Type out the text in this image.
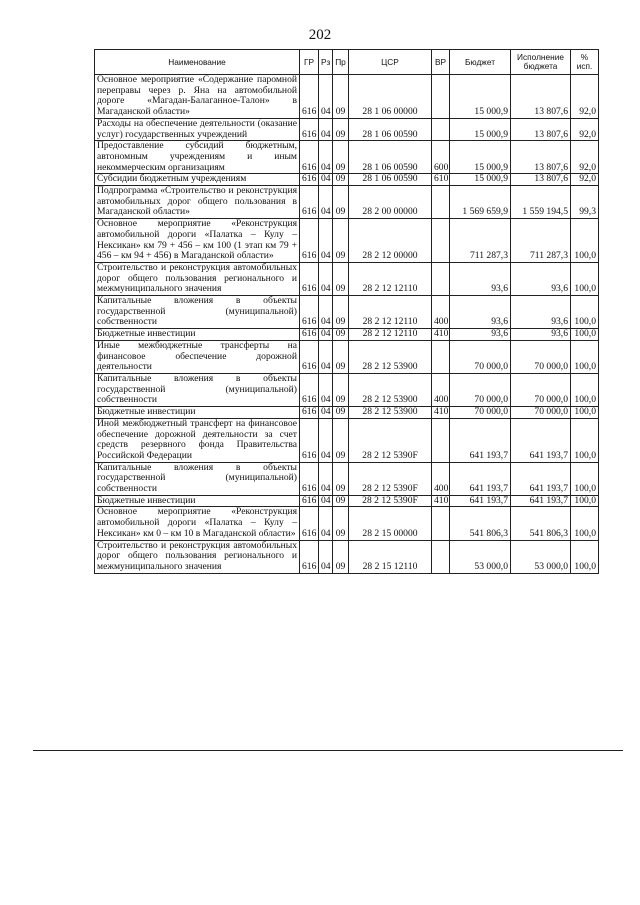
202
Наименование	ГР	Рз	Пр	ЦСР	ВР	Бюджет	Исполнение бюджета	% исп.
Основное мероприятие «Содержание паромной переправы через р. Яна на автомобильной дороге «Магадан-Балаганное-Талон» в Магаданской области»	616	04	09	28 1 06 00000		15 000,9	13 807,6	92,0
Расходы на обеспечение деятельности (оказание услуг) государственных учреждений	616	04	09	28 1 06 00590		15 000,9	13 807,6	92,0
Предоставление субсидий бюджетным, автономным учреждениям и иным некоммерческим организациям	616	04	09	28 1 06 00590	600	15 000,9	13 807,6	92,0
Субсидии бюджетным учреждениям	616	04	09	28 1 06 00590	610	15 000,9	13 807,6	92,0
Подпрограмма «Строительство и реконструкция автомобильных дорог общего пользования в Магаданской области»	616	04	09	28 2 00 00000		1 569 659,9	1 559 194,5	99,3
Основное мероприятие «Реконструкция автомобильной дороги «Палатка – Кулу – Нексикан» км 79 + 456 – км 100 (1 этап км 79 + 456 – км 94 + 456) в Магаданской области»	616	04	09	28 2 12 00000		711 287,3	711 287,3	100,0
Строительство и реконструкция автомобильных дорог общего пользования регионального и межмуниципального значения	616	04	09	28 2 12 12110		93,6	93,6	100,0
Капитальные вложения в объекты государственной (муниципальной) собственности	616	04	09	28 2 12 12110	400	93,6	93,6	100,0
Бюджетные инвестиции	616	04	09	28 2 12 12110	410	93,6	93,6	100,0
Иные межбюджетные трансферты на финансовое обеспечение дорожной деятельности	616	04	09	28 2 12 53900		70 000,0	70 000,0	100,0
Капитальные вложения в объекты государственной (муниципальной) собственности	616	04	09	28 2 12 53900	400	70 000,0	70 000,0	100,0
Бюджетные инвестиции	616	04	09	28 2 12 53900	410	70 000,0	70 000,0	100,0
Иной межбюджетный трансферт на финансовое обеспечение дорожной деятельности за счет средств резервного фонда Правительства Российской Федерации	616	04	09	28 2 12 5390F		641 193,7	641 193,7	100,0
Капитальные вложения в объекты государственной (муниципальной) собственности	616	04	09	28 2 12 5390F	400	641 193,7	641 193,7	100,0
Бюджетные инвестиции	616	04	09	28 2 12 5390F	410	641 193,7	641 193,7	100,0
Основное мероприятие «Реконструкция автомобильной дороги «Палатка – Кулу – Нексикан» км 0 – км 10 в Магаданской области»	616	04	09	28 2 15 00000		541 806,3	541 806,3	100,0
Строительство и реконструкция автомобильных дорог общего пользования регионального и межмуниципального значения	616	04	09	28 2 15 12110		53 000,0	53 000,0	100,0
